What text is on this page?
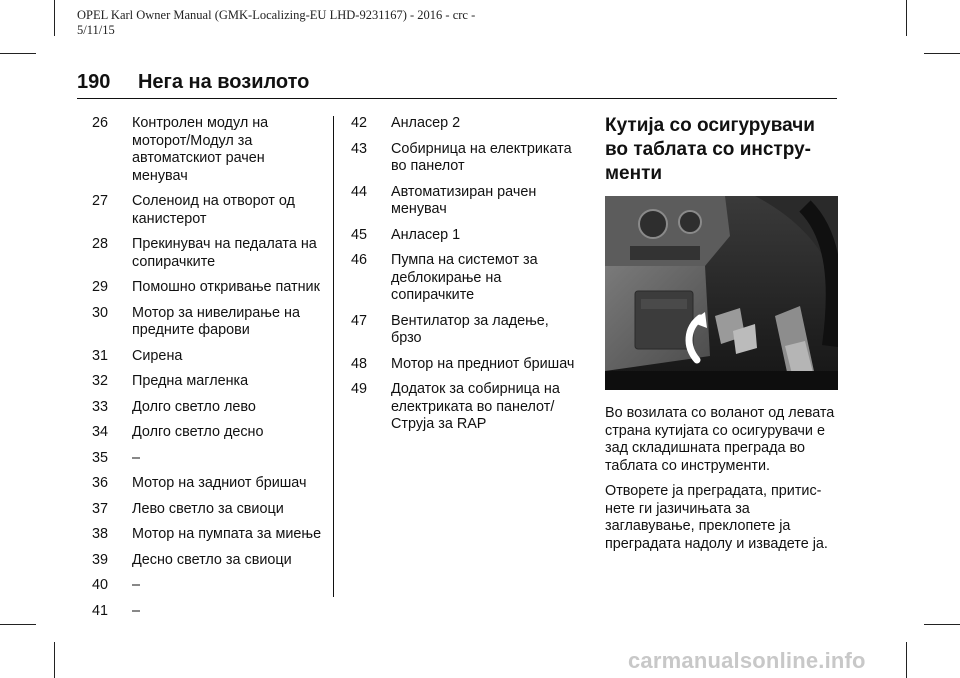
OPEL Karl Owner Manual (GMK-Localizing-EU LHD-9231167) - 2016 - crc -
5/11/15
190 Нега на возилото
26	Контролен модул на моторот/Модул за автоматскиот рачен менувач
27	Соленоид на отворот од канистерот
28	Прекинувач на педалата на сопирачките
29	Помошно откривање патник
30	Мотор за нивелирање на предните фарови
31	Сирена
32	Предна магленка
33	Долго светло лево
34	Долго светло десно
35	–
36	Мотор на задниот бришач
37	Лево светло за свиоци
38	Мотор на пумпата за миење
39	Десно светло за свиоци
40	–
41	–
42	Анласер 2
43	Собирница на електриката во панелот
44	Автоматизиран рачен менувач
45	Анласер 1
46	Пумпа на системот за деблокирање на сопирачките
47	Вентилатор за ладење, брзо
48	Мотор на предниот бришач
49	Додаток за собирница на електриката во панелот/ Струја за RAP
Кутија со осигурувачи во таблата со инстру-менти

Во возилата со воланот од левата страна кутијата со осигурувачи е зад складишната преграда во таблата со инструменти.

Отворете ја преградата, притис-нете ги јазичињата за заглавување, преклопете ја преградата надолу и извадете ја.

carmanualsonline.info
